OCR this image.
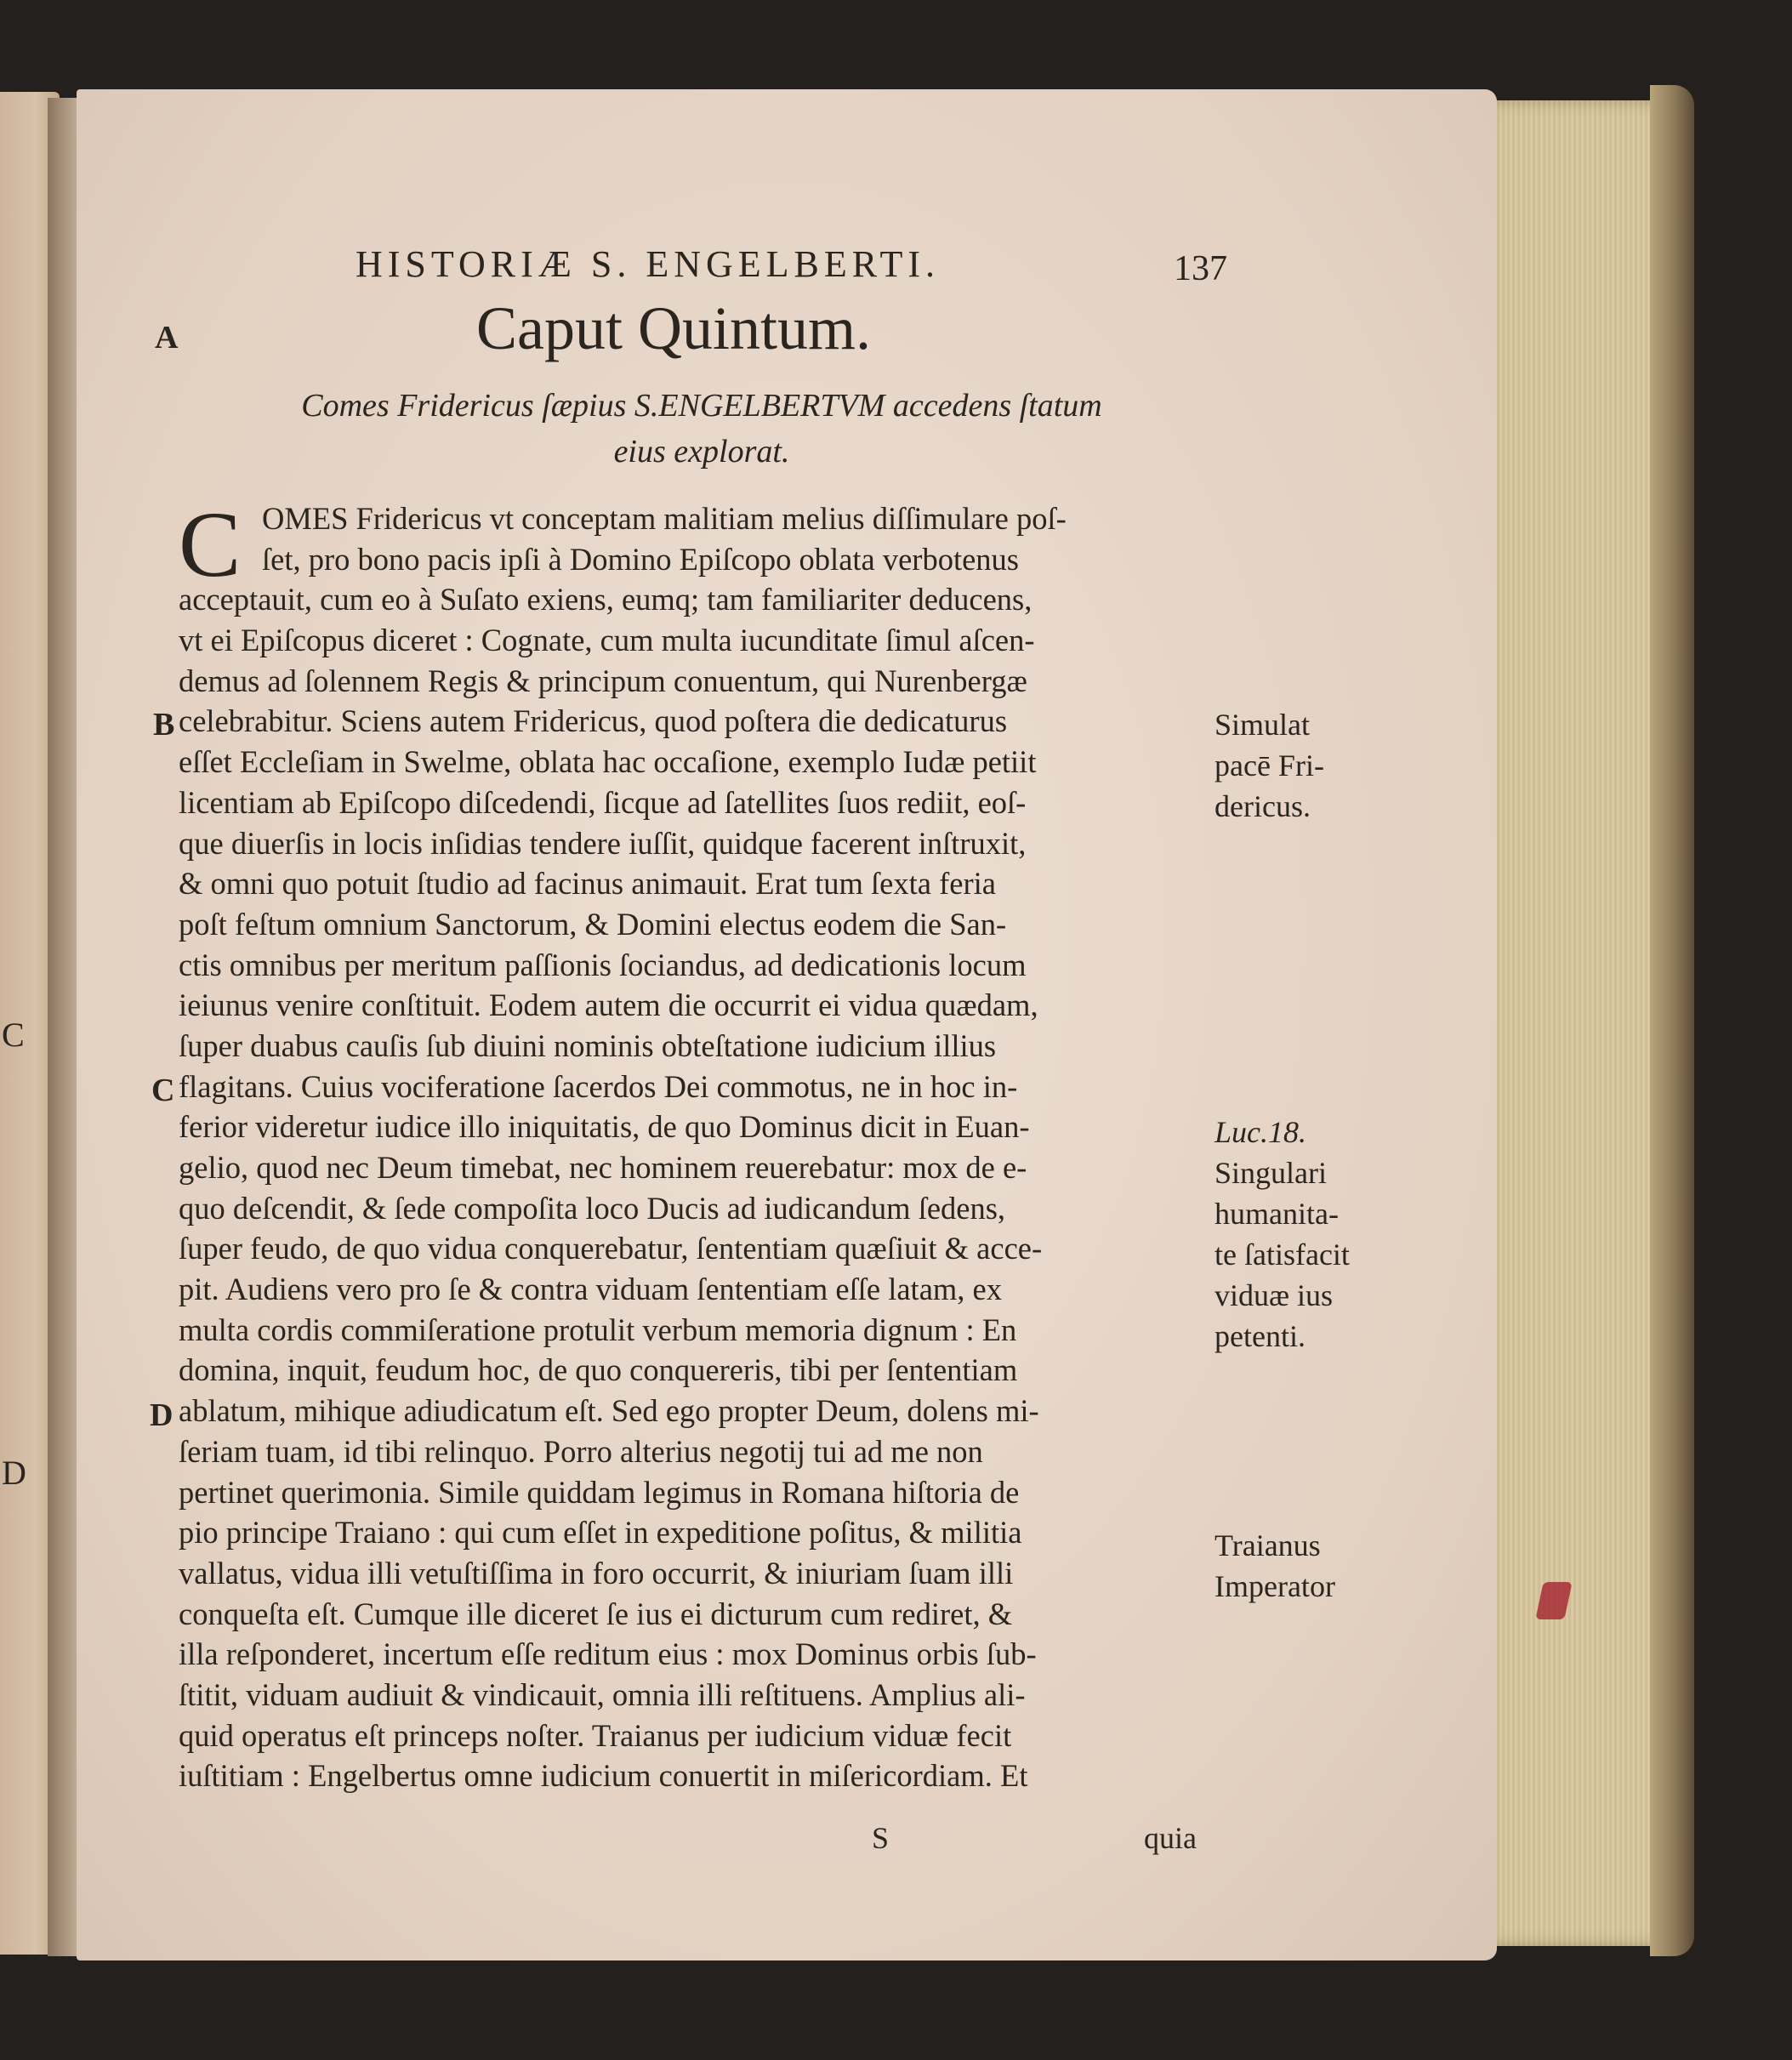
C
D
HISTORIÆ S. ENGELBERTI.	137
A	Caput Quintum.
Comes Fridericus ſæpius S.ENGELBERTVM accedens ſtatum
eius explorat.
C OMES Fridericus vt conceptam malitiam melius diſſimulare poſ-
ſet, pro bono pacis ipſi à Domino Epiſcopo oblata verbotenus
acceptauit, cum eo à Suſato exiens, eumq; tam familiariter deducens,
vt ei Epiſcopus diceret : Cognate, cum multa iucunditate ſimul aſcen-
demus ad ſolennem Regis & principum conuentum, qui Nurenbergæ
celebrabitur. Sciens autem Fridericus, quod poſtera die dedicaturus
eſſet Eccleſiam in Swelme, oblata hac occaſione, exemplo Iudæ petiit
licentiam ab Epiſcopo diſcedendi, ſicque ad ſatellites ſuos rediit, eoſ-
que diuerſis in locis inſidias tendere iuſſit, quidque facerent inſtruxit,
& omni quo potuit ſtudio ad facinus animauit. Erat tum ſexta feria
poſt feſtum omnium Sanctorum, & Domini electus eodem die San-
ctis omnibus per meritum paſſionis ſociandus, ad dedicationis locum
ieiunus venire conſtituit. Eodem autem die occurrit ei vidua quædam,
ſuper duabus cauſis ſub diuini nominis obteſtatione iudicium illius
flagitans. Cuius vociferatione ſacerdos Dei commotus, ne in hoc in-
ferior videretur iudice illo iniquitatis, de quo Dominus dicit in Euan-
gelio, quod nec Deum timebat, nec hominem reuerebatur: mox de e-
quo deſcendit, & ſede compoſita loco Ducis ad iudicandum ſedens,
ſuper feudo, de quo vidua conquerebatur, ſententiam quæſiuit & acce-
pit. Audiens vero pro ſe & contra viduam ſententiam eſſe latam, ex
multa cordis commiſeratione protulit verbum memoria dignum : En
domina, inquit, feudum hoc, de quo conquereris, tibi per ſententiam
ablatum, mihique adiudicatum eſt. Sed ego propter Deum, dolens mi-
ſeriam tuam, id tibi relinquo. Porro alterius negotij tui ad me non
pertinet querimonia. Simile quiddam legimus in Romana hiſtoria de
pio principe Traiano : qui cum eſſet in expeditione poſitus, & militia
vallatus, vidua illi vetuſtiſſima in foro occurrit, & iniuriam ſuam illi
conqueſta eſt. Cumque ille diceret ſe ius ei dicturum cum rediret, &
illa reſponderet, incertum eſſe reditum eius : mox Dominus orbis ſub-
ſtitit, viduam audiuit & vindicauit, omnia illi reſtituens. Amplius ali-
quid operatus eſt princeps noſter. Traianus per iudicium viduæ fecit
iuſtitiam : Engelbertus omne iudicium conuertit in miſericordiam. Et
B
C
D
Simulat
pacē Fri-
dericus.
Luc.18.
Singulari
humanita-
te ſatisfacit
viduæ ius
petenti.
Traianus
Imperator
S	quia
